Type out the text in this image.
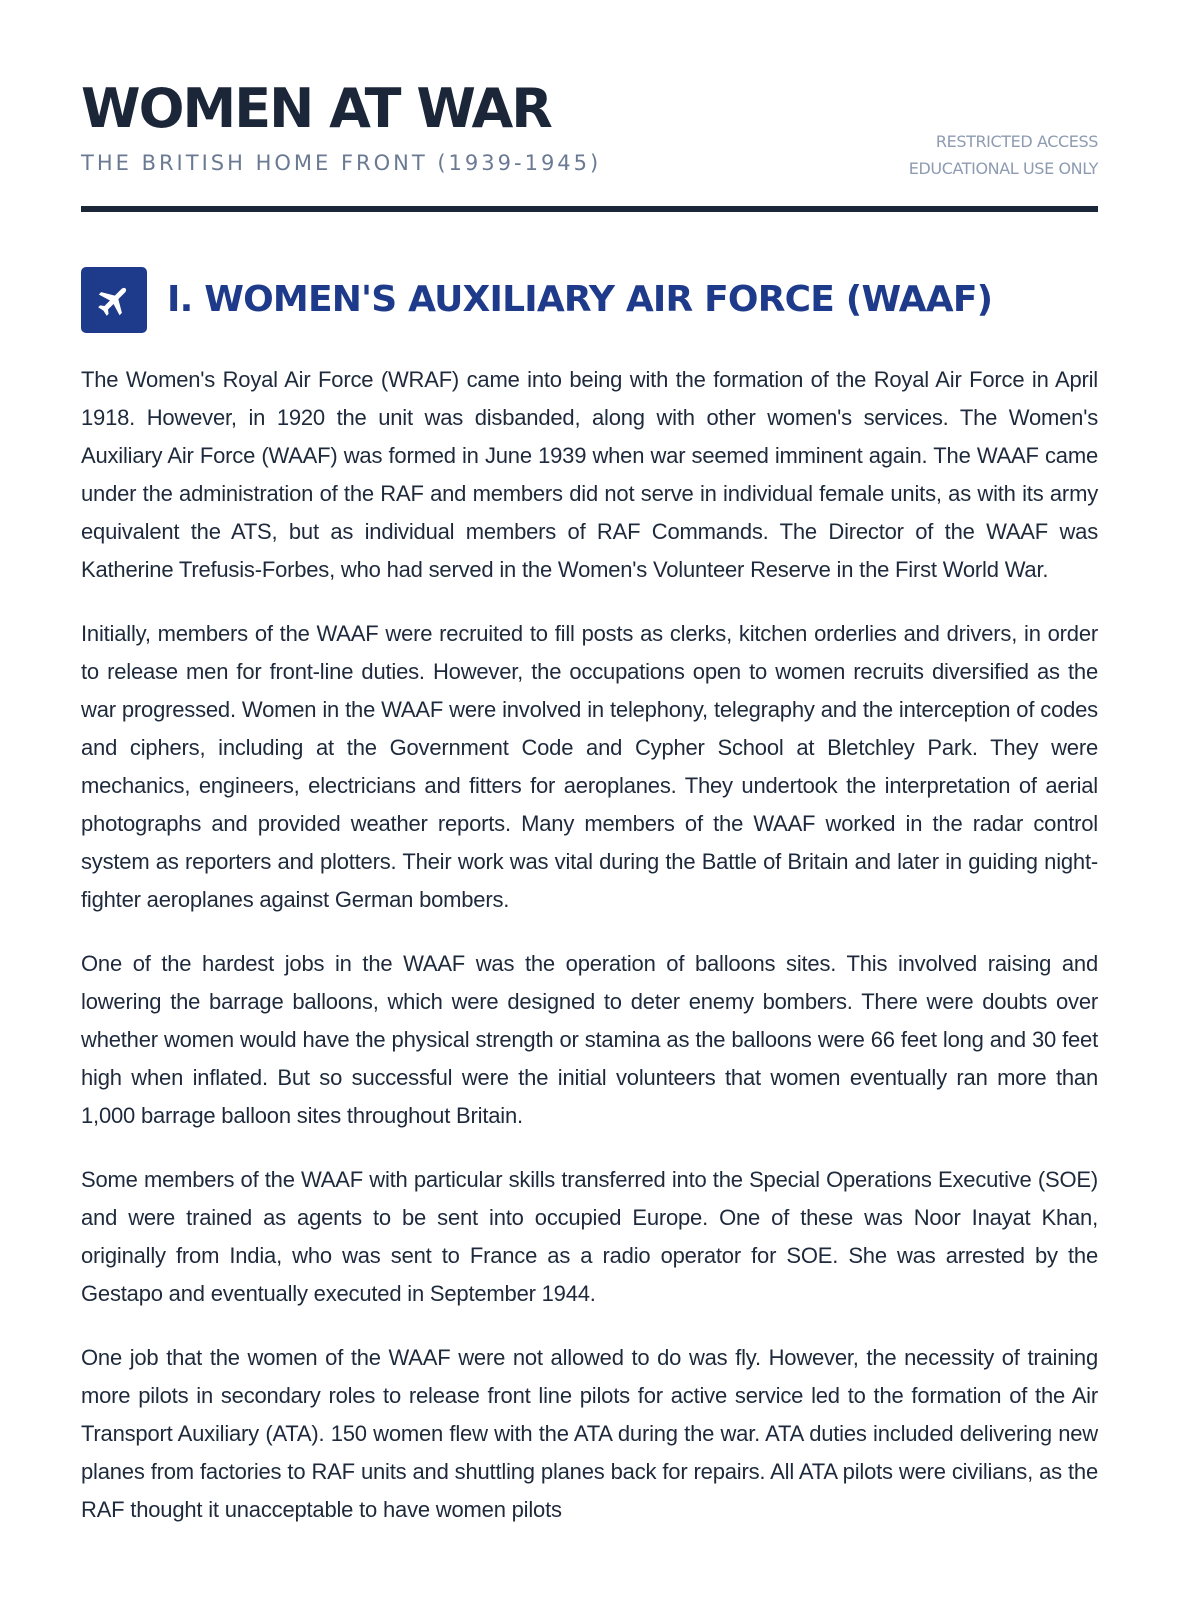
WOMEN AT WAR
THE BRITISH HOME FRONT (1939-1945)
RESTRICTED ACCESS
EDUCATIONAL USE ONLY
I. WOMEN'S AUXILIARY AIR FORCE (WAAF)

The Women's Royal Air Force (WRAF) came into being with the formation of the Royal Air Force in April 1918. However, in 1920 the unit was disbanded, along with other women's services. The Women's Auxiliary Air Force (WAAF) was formed in June 1939 when war seemed imminent again. The WAAF came under the administration of the RAF and members did not serve in individual female units, as with its army equivalent the ATS, but as individual members of RAF Commands. The Director of the WAAF was Katherine Trefusis-Forbes, who had served in the Women's Volunteer Reserve in the First World War.

Initially, members of the WAAF were recruited to fill posts as clerks, kitchen orderlies and drivers, in order to release men for front-line duties. However, the occupations open to women recruits diversified as the war progressed. Women in the WAAF were involved in telephony, telegraphy and the interception of codes and ciphers, including at the Government Code and Cypher School at Bletchley Park. They were mechanics, engineers, electricians and fitters for aeroplanes. They undertook the interpretation of aerial photographs and provided weather reports. Many members of the WAAF worked in the radar control system as reporters and plotters. Their work was vital during the Battle of Britain and later in guiding night-fighter aeroplanes against German bombers.

One of the hardest jobs in the WAAF was the operation of balloons sites. This involved raising and lowering the barrage balloons, which were designed to deter enemy bombers. There were doubts over whether women would have the physical strength or stamina as the balloons were 66 feet long and 30 feet high when inflated. But so successful were the initial volunteers that women eventually ran more than 1,000 barrage balloon sites throughout Britain.

Some members of the WAAF with particular skills transferred into the Special Operations Executive (SOE) and were trained as agents to be sent into occupied Europe. One of these was Noor Inayat Khan, originally from India, who was sent to France as a radio operator for SOE. She was arrested by the Gestapo and eventually executed in September 1944.

One job that the women of the WAAF were not allowed to do was fly. However, the necessity of training more pilots in secondary roles to release front line pilots for active service led to the formation of the Air Transport Auxiliary (ATA). 150 women flew with the ATA during the war. ATA duties included delivering new planes from factories to RAF units and shuttling planes back for repairs. All ATA pilots were civilians, as the RAF thought it unacceptable to have women pilots
